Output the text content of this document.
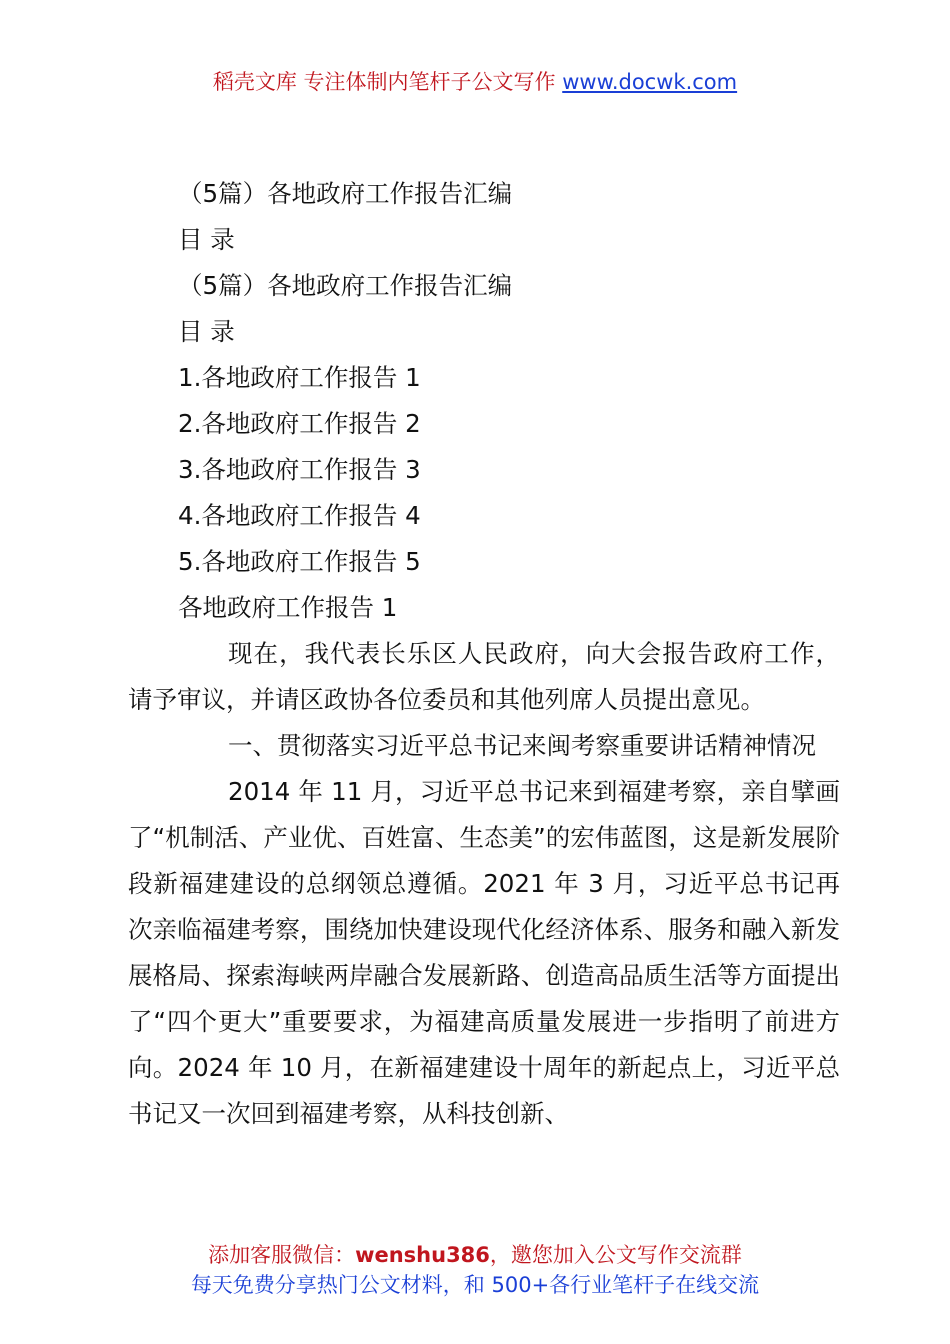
稻壳文库 专注体制内笔杆子公文写作 www.docwk.com

（5篇）各地政府工作报告汇编

目 录

（5篇）各地政府工作报告汇编

目 录

1.各地政府工作报告 1

2.各地政府工作报告 2

3.各地政府工作报告 3

4.各地政府工作报告 4

5.各地政府工作报告 5

各地政府工作报告 1

现在，我代表长乐区人民政府，向大会报告政府工作，请予审议，并请区政协各位委员和其他列席人员提出意见。

一、贯彻落实习近平总书记来闽考察重要讲话精神情况

2014 年 11 月，习近平总书记来到福建考察，亲自擘画了“机制活、产业优、百姓富、生态美”的宏伟蓝图，这是新发展阶段新福建建设的总纲领总遵循。2021 年 3 月，习近平总书记再次亲临福建考察，围绕加快建设现代化经济体系、服务和融入新发展格局、探索海峡两岸融合发展新路、创造高品质生活等方面提出了“四个更大”重要要求，为福建高质量发展进一步指明了前进方向。2024 年 10 月，在新福建建设十周年的新起点上，习近平总书记又一次回到福建考察，从科技创新、

添加客服微信：wenshu386，邀您加入公文写作交流群
每天免费分享热门公文材料，和 500+各行业笔杆子在线交流
